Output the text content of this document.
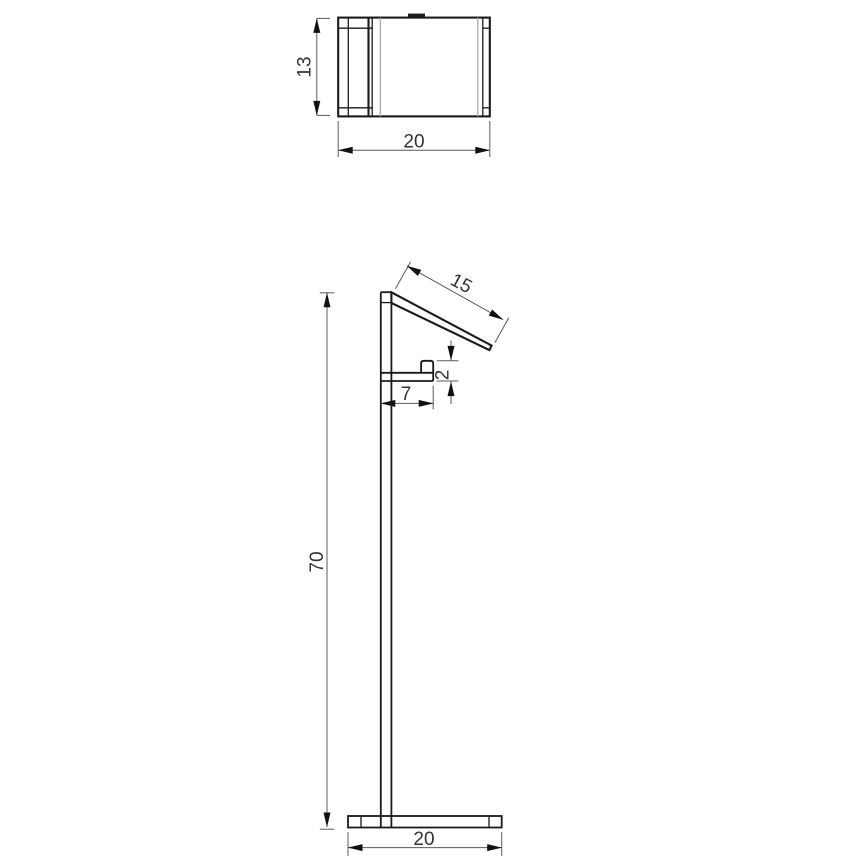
13
20
15
2
7
70
20
